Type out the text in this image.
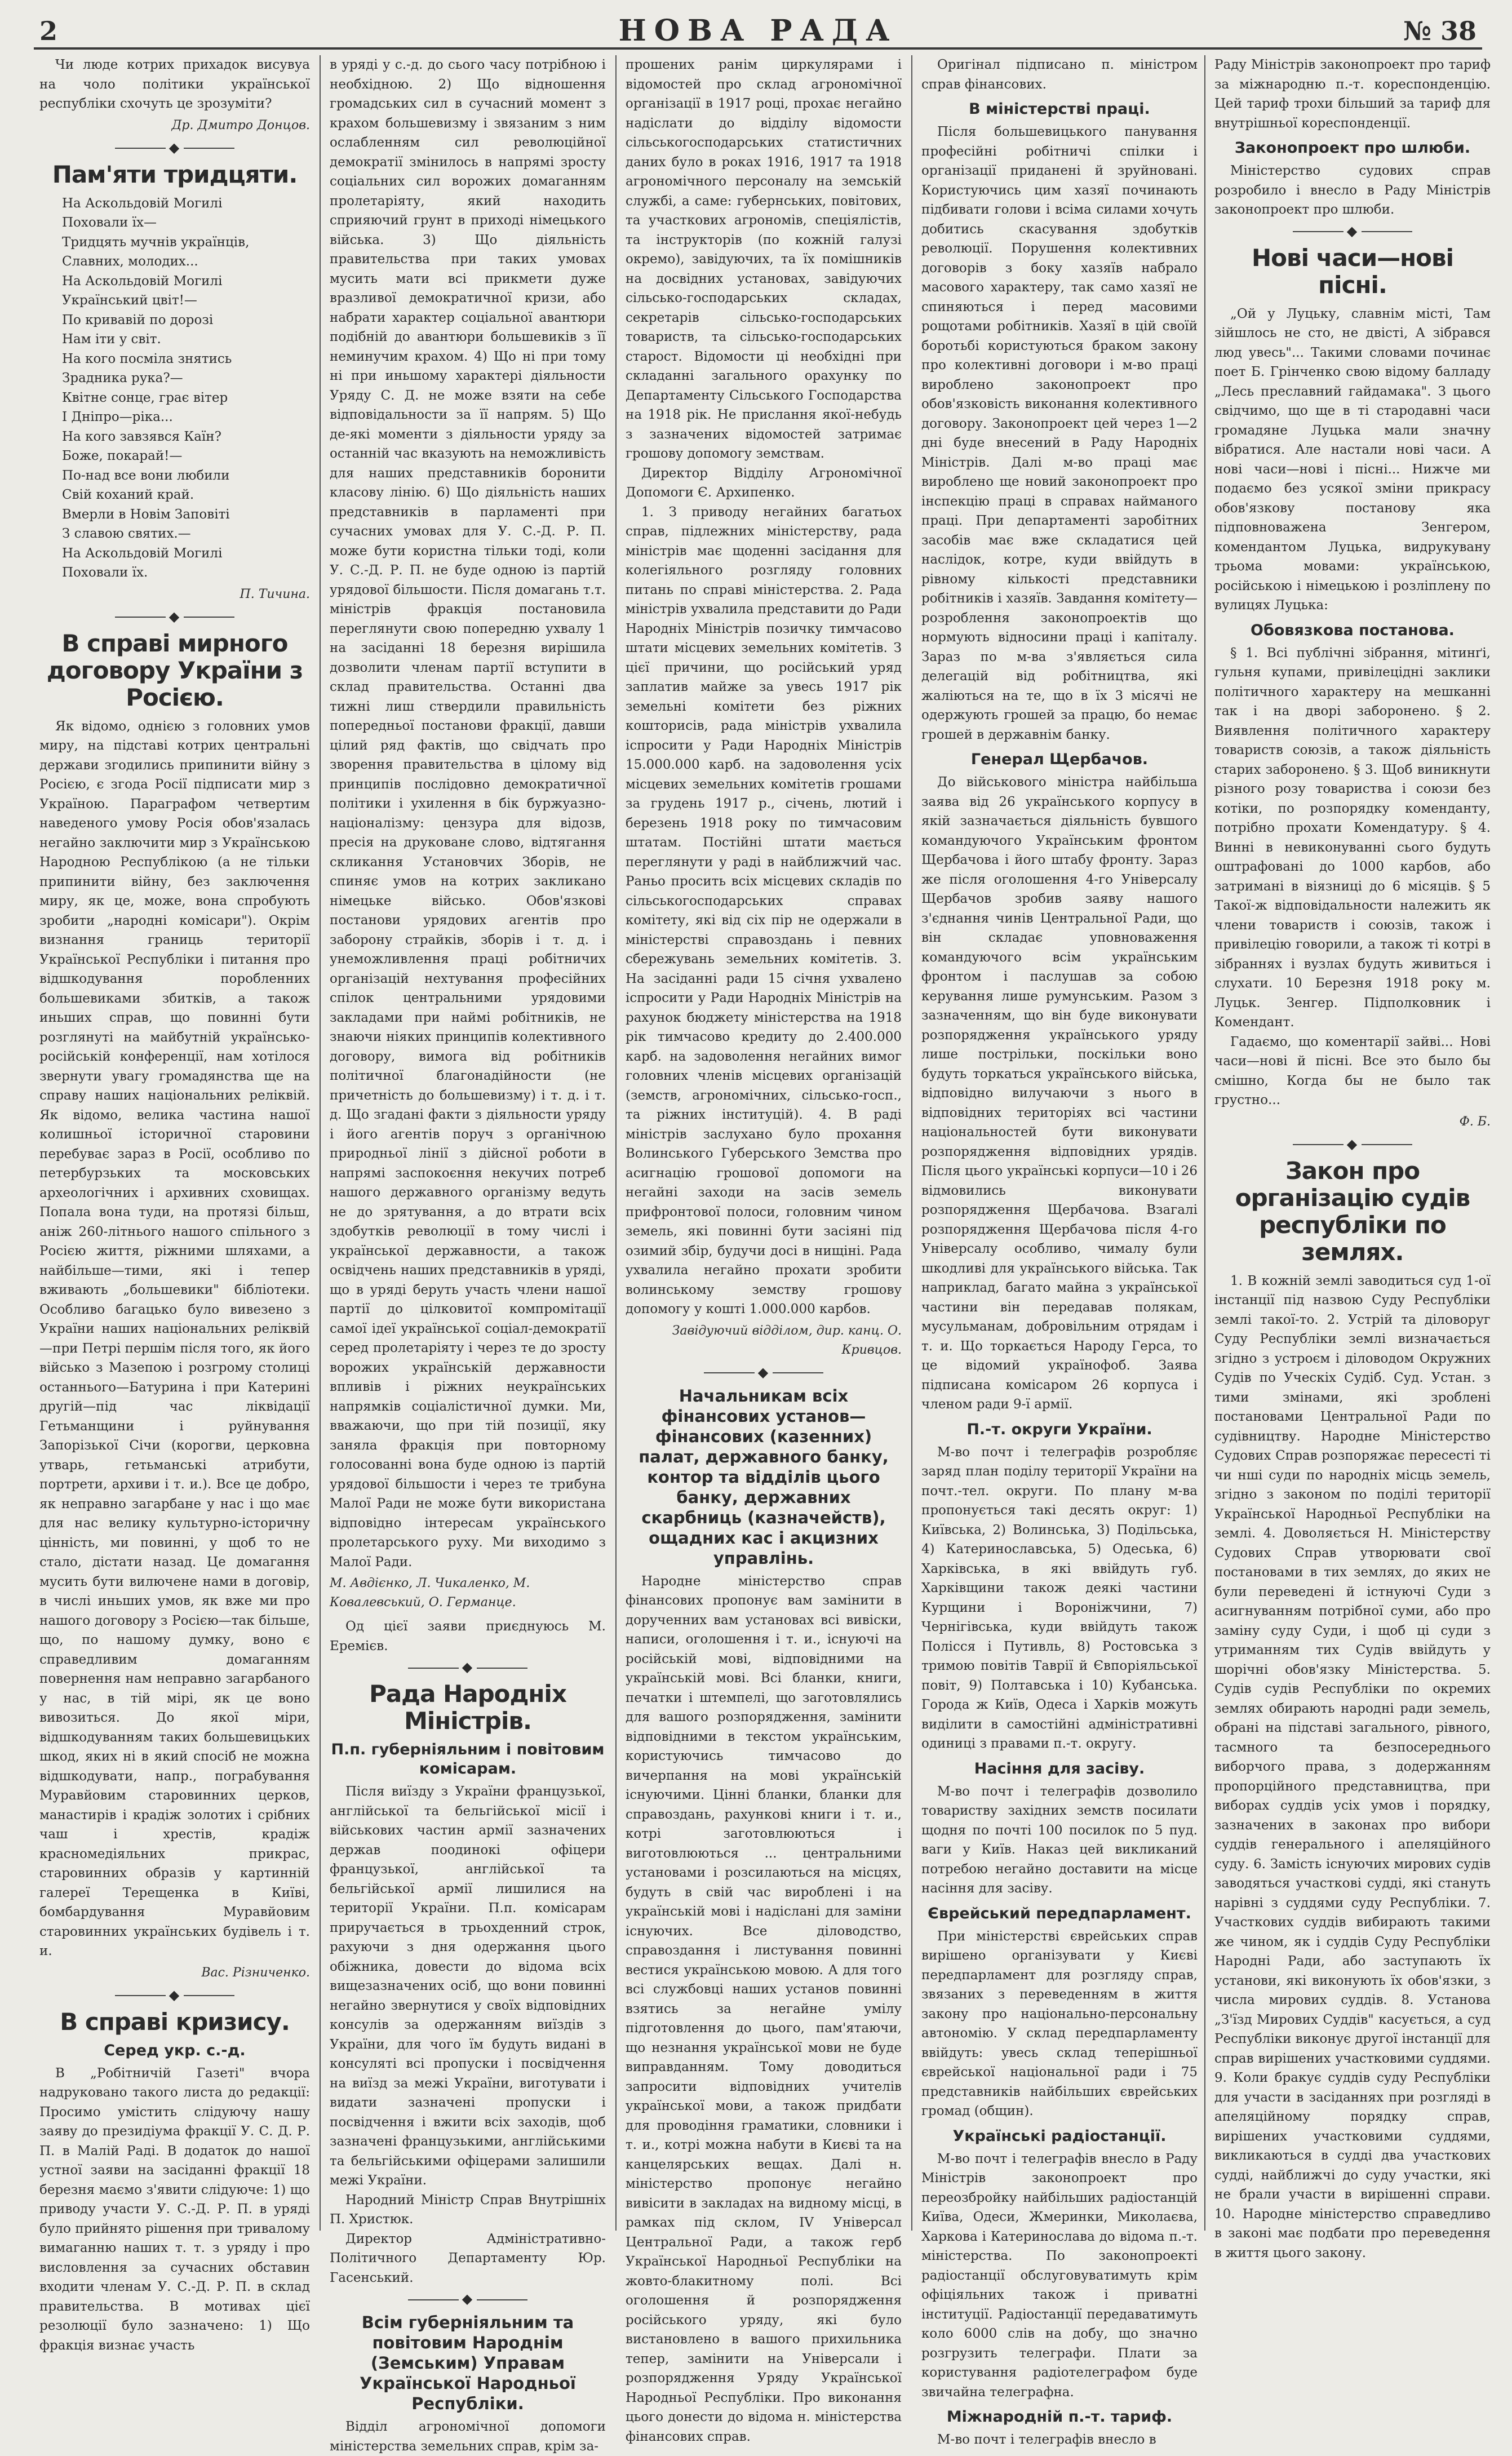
2	НОВА РАДА	№ 38

Чи люде котрих прихадок висувуа на чоло політики української республіки схочуть це зрозуміти?

Др. Дмитро Донцов.
◆
Пам'яти тридцяти.

На Аскольдовій Могилі

Поховали їх—

Тридцять мучнів українців,

Славних, молодих...

На Аскольдовій Могилі

Український цвіт!—

По кривавій по дорозі

Нам іти у світ.

На кого посміла знятись

Зрадника рука?—

Квітне сонце, грає вітер

І Дніпро—ріка...

На кого завзявся Каїн?

Боже, покарай!—

По-над все вони любили

Свій коханий край.

Вмерли в Новім Заповіті

З славою святих.—

На Аскольдовій Могилі

Поховали їх.

П. Тичина.
◆
В справі мирного договору України з Росією.

Як відомо, однією з головних умов миру, на підставі котрих центральні держави згодились припинити війну з Росією, є згода Росії підписати мир з Україною. Параграфом четвертим наведеного умову Росія обов'язалась негайно заключити мир з Українською Народною Республікою (а не тільки припинити війну, без заключення миру, як це, може, вона спробують зробити „народні комісари"). Окрім визнання границь території Української Республіки і питання про відшкодування поробленних большевиками збитків, а також иньших справ, що повинні бути розглянуті на майбутній українсько-російській конференції, нам хотілося звернути увагу громадянства ще на справу наших національних реліквій. Як відомо, велика частина нашої колишньої історичної старовини перебуває зараз в Росії, особливо по петербурзьких та московських археологічних і архивних сховищах. Попала вона туди, на протязі більш, аніж 260-літнього нашого спільного з Росією життя, ріжними шляхами, а найбільше—тими, які і тепер вживають „большевики" бібліотеки. Особливо багацько було вивезено з України наших національних реліквій—при Петрі першім після того, як його військо з Мазепою і розгрому столиці останнього—Батурина і при Катерині другій—під час ліквідації Гетьманщини і руйнування Запорізької Січи (корогви, церковна утварь, гетьманські атрибути, портрети, архиви і т. и.). Все це добро, як неправно загарбане у нас і що має для нас велику культурно-історичну цінність, ми повинні, у щоб то не стало, дістати назад. Це домагання мусить бути вилючене нами в договір, в числі иньших умов, як вже ми про нашого договору з Росією—так більше, що, по нашому думку, воно є справедливим домаганням повернення нам неправно загарбаного у нас, в тій мірі, як це воно вивозиться. До якої міри, відшкодуванням таких большевицьких шкод, яких ні в який спосіб не можна відшкодувати, напр., пограбування Муравйовим старовинних церков, манастирів і крадіж золотих і срібних чаш і хрестів, крадіж красномедіяльних прикрас, старовинних образів у картинній галереї Терещенка в Київі, бомбардування Муравйовим старовинних українських будівель і т. и.

Вас. Різниченко.
◆
В справі кризису.
Серед укр. с.-д.

В „Робітничій Газеті" вчора надруковано такого листа до редакції: Просимо умістить слідуючу нашу заяву до президіума фракції У. С. Д. Р. П. в Малій Раді. В додаток до нашої устної заяви на засіданні фракції 18 березня маємо з'явити слідуюче: 1) що приводу участи У. С.-Д. Р. П. в уряді було прийнято рішення при тривалому вимаганню наших т. т. з уряду і про висловлення за сучасних обставин входити членам У. С.-Д. Р. П. в склад правительства. В мотивах цієї резолюції було зазначено: 1) Що фракція визнає участь

в уряді у с.-д. до сього часу потрібною і необхідною. 2) Що відношення громадських сил в сучасний момент з крахом большевизму і звязаним з ним ослабленням сил революційної демократії змінилось в напрямі зросту соціальних сил ворожих домаганням пролетаріяту, який находить сприяючий грунт в приході німецького війська. 3) Що діяльність правительства при таких умовах мусить мати всі прикмети дуже вразливої демократичної кризи, або набрати характер соціальної авантюри подібній до авантюри большевиків з її неминучим крахом. 4) Що ні при тому ні при иньшому характері діяльности Уряду С. Д. не може взяти на себе відповідальности за її напрям. 5) Що де-які моменти з діяльности уряду за останній час вказують на неможливість для наших представників боронити класову лінію. 6) Що діяльність наших представників в парламенті при сучасних умовах для У. С.-Д. Р. П. може бути користна тільки тоді, коли У. С.-Д. Р. П. не буде одною із партій урядової більшости. Після домагань т.т. міністрів фракція постановила переглянути свою попередню ухвалу 1 на засіданні 18 березня вирішила дозволити членам партії вступити в склад правительства. Останні два тижні лиш ствердили правильність попередньої постанови фракції, давши цілий ряд фактів, що свідчать про зворення правительства в цілому від принципів послідовно демократичної політики і ухилення в бік буржуазно-націоналізму: цензура для відозв, пресія на друковане слово, відтягання скликання Установчих Зборів, не спиняє умов на котрих закликано німецьке військо. Обов'язкові постанови урядових агентів про заборону страйків, зборів і т. д. і унеможливлення праці робітничих організацій нехтування професійних спілок центральними урядовими закладами при наймі робітників, не знаючи ніяких принципів колективного договору, вимога від робітників політичної благонадійности (не причетність до большевизму) і т. д. і т. д. Що згадані факти з діяльности уряду і його агентів поруч з органічною природньої лінії з дійсної роботи в напрямі заспокоєння некучих потреб нашого державного організму ведуть не до зрятування, а до втрати всіх здобутків революції в тому числі і української державности, а також освідчень наших представників в уряді, що в уряді беруть участь члени нашої партії до цілковитої компромітації самої ідеї української соціал-демократії серед пролетаріяту і через те до зросту ворожих українській державности впливів і ріжних неукраїнських напрямків соціалістичної думки. Ми, вважаючи, що при тій позиції, яку заняла фракція при повторному голосованні вона буде одною із партій урядової більшости і через те трибуна Малої Ради не може бути використана відповідно інтересам українського пролетарського руху. Ми виходимо з Малої Ради.

М. Авдієнко, Л. Чикаленко, М. Ковалевський, О. Германце.

Од цієї заяви приєднуюсь М. Еремієв.

◆
Рада Народніх Міністрів.
П.п. губерніяльним і повітовим комісарам.

Після виїзду з України французької, англійської та бельгійської місії і військових частин армії зазначених держав поодинокі офіцери французької, англійської та бельгійської армії лишилися на території України. П.п. комісарам приручається в трьохденний строк, рахуючи з дня одержання цього обіжника, довести до відома всіх вищезазначених осіб, що вони повинні негайно звернутися у своїх відповідних консулів за одержанням виїздів з України, для чого їм будуть видані в консуляті всі пропуски і посвідчення на виїзд за межі України, виготувати і видати зазначені пропуски і посвідчення і вжити всіх заходів, щоб зазначені французькими, англійськими та бельгійськими офіцерами залишили межі України.

Народний Міністр Справ Внутрішніх П. Христюк.

Директор Адміністративно-Політичного Департаменту Юр. Гасенський.

◆
Всім губерніяльним та повітовим Народнім (Земським) Управам Української Народньої Республіки.

Відділ агрономічної допомоги міністерства земельних справ, крім за-

прошених ранім циркулярами і відомостей про склад агрономічної організації в 1917 році, прохає негайно надіслати до відділу відомости сільськогосподарських статистичних даних було в роках 1916, 1917 та 1918 агрономічного персоналу на земській службі, а саме: губернських, повітових, та участкових агрономів, спеціялістів, та інструкторів (по кожній галузі окремо), завідуючих, та їх помішників на досвідних установах, завідуючих сільсько-господарських складах, секретарів сільсько-господарських товариств, та сільсько-господарських старост. Відомости ці необхідні при складанні загального орахунку по Департаменту Сільського Господарства на 1918 рік. Не прислання якої-небудь з зазначених відомостей затримає грошову допомогу земствам.

Директор Відділу Агрономічної Допомоги Є. Архипенко.

1. З приводу негайних багатьох справ, підлежних міністерству, рада міністрів має щоденні засідання для колегіяльного розгляду головних питань по справі міністерства. 2. Рада міністрів ухвалила представити до Ради Народніх Міністрів позичку тимчасово штати місцевих земельних комітетів. З цієї причини, що російський уряд заплатив майже за увесь 1917 рік земельні комітети без ріжних кошторисів, рада міністрів ухвалила іспросити у Ради Народніх Міністрів 15.000.000 карб. на задоволення усіх місцевих земельних комітетів грошами за грудень 1917 р., січень, лютий і березень 1918 року по тимчасовим штатам. Постійні штати мається переглянути у раді в найближчий час. Раньо просить всіх місцевих складів по сільськогосподарських справах комітету, які від сіх пір не одержали в міністерстві справоздань і певних сбережувань земельних комітетів. 3. На засіданні ради 15 січня ухвалено іспросити у Ради Народніх Міністрів на рахунок бюджету міністерства на 1918 рік тимчасово кредиту до 2.400.000 карб. на задоволення негайних вимог головних членів місцевих організацій (земств, агрономічних, сільсько-госп., та ріжних інституцій). 4. В раді міністрів заслухано було прохання Волинського Губерського Земства про асигнацію грошової допомоги на негайні заходи на засів земель прифронтової полоси, головним чином земель, які повинні бути засіяні під озимий збір, будучи досі в нищіні. Рада ухвалила негайно прохати зробити волинському земству грошову допомогу у кошті 1.000.000 карбов.

Завідуючий відділом, дир. канц. О. Кривцов.
◆
Начальникам всіх фінансових установ—фінансових (казенних) палат, державного банку, контор та відділів цього банку, державних скарбниць (казначейств), ощадних кас і акцизних управлінь.

Народне міністерство справ фінансових пропонує вам замінити в дорученних вам установах всі вивіски, написи, оголошення і т. и., існуючі на російській мові, відповідними на українській мові. Всі бланки, книги, печатки і штемпелі, що заготовлялись для вашого розпорядження, замінити відповідними в текстом українським, користуючись тимчасово до вичерпання на мові українській існуючими. Цінні бланки, бланки для справоздань, рахункові книги і т. и., котрі заготовлюються і виготовлюються ... центральними установами і розсилаються на місцях, будуть в свій час вироблені і на українській мові і надіслані для заміни існуючих. Все діловодство, справоздання і листування повинні вестися українською мовою. А для того всі службовці наших установ повинні взятись за негайне умілу підготовлення до цього, пам'ятаючи, що незнання української мови не буде виправданням. Тому доводиться запросити відповідних учителів української мови, а також придбати для проводіння граматики, словники і т. и., котрі можна набути в Києві та на канцелярських вещах. Далі н. міністерство пропонує негайно вивісити в закладах на видному місці, в рамках під склом, IV Універсал Центральної Ради, а також герб Української Народньої Республіки на жовто-блакитному полі. Всі оголошення й розпорядження російського уряду, які було вистановлено в вашого прихильника тепер, замінити на Універсали і розпорядження Уряду Української Народньої Республіки. Про виконання цього донести до відома н. міністерства фінансових справ.

Оригінал підписано п. міністром справ фінансових.

В міністерстві праці.

Після большевицького панування професійні робітничі спілки і організації приданені й зруйновані. Користуючись цим хазяї починають підбивати голови і всіма силами хочуть добитись скасування здобутків революції. Порушення колективних договорів з боку хазяїв набрало масового характеру, так само хазяї не спиняються і перед масовими рощотами робітників. Хазяї в цій своїй боротьбі користуються браком закону про колективні договори і м-во праці вироблено законопроект про обов'язковість виконання колективного договору. Законопроект цей через 1—2 дні буде внесений в Раду Народніх Міністрів. Далі м-во праці має вироблено ще новий законопроект про інспекцію праці в справах найманого праці. При департаменті заробітних засобів має вже складатися цей наслідок, котре, куди ввійдуть в рівному кількості представники робітників і хазяїв. Завдання комітету—розроблення законопроектів що нормують відносини праці і капіталу. Зараз по м-ва з'являється сила делегацій від робітництва, які жаліються на те, що в їх 3 місячі не одержують грошей за працю, бо немає грошей в державнім банку.

Генерал Щербачов.

До військового міністра найбільша заява від 26 українського корпусу в якій зазначається діяльність бувшого командуючого Українським фронтом Щербачова і його штабу фронту. Зараз же після оголошення 4-го Універсалу Щербачов зробив заяву нашого з'єднання чинів Центральної Ради, що він складає уповноваження командуючого всім українським фронтом і паслушав за собою керування лише румунським. Разом з зазначенням, що він буде виконувати розпорядження українського уряду лише пострільки, поскільки воно будуть торкаться українського війська, відповідно вилучаючи з нього в відповідних територіях всі частини національностей бути виконувати розпорядження відповідних урядів. Після цього українські корпуси—10 і 26 відмовились виконувати розпорядження Щербачова. Взагалі розпорядження Щербачова після 4-го Універсалу особливо, чималу були шкодливі для українського війська. Так наприклад, багато майна з української частини він передавав полякам, мусульманам, добровільним отрядам і т. и. Що торкається Народу Герса, то це відомий українофоб. Заява підписана комісаром 26 корпуса і членом ради 9-ї армії.

П.-т. округи України.

М-во почт і телеграфів розробляє заряд план поділу території України на почт.-тел. округи. По плану м-ва пропонується такі десять округ: 1) Київська, 2) Волинська, 3) Подільська, 4) Катеринославська, 5) Одеська, 6) Харківська, в які ввійдуть губ. Харківщини також деякі частини Курщини і Вороніжчини, 7) Чернігівська, куди ввійдуть також Полісся і Путивль, 8) Ростовська з тримою повітів Таврії й Євпоріяльської повіт, 9) Полтавська і 10) Кубанська. Города ж Київ, Одеса і Харків можуть виділити в самостійні адміністративні одиниці з правами п.-т. округу.

Насіння для засіву.

М-во почт і телеграфів дозволило товариству західних земств посилати щодня по почті 100 посилок по 5 пуд. ваги у Київ. Наказ цей викликаний потребою негайно доставити на місце насіння для засіву.

Єврейський передпарламент.

При міністерстві єврейських справ вирішено організувати у Києві передпарламент для розгляду справ, звязаних з переведенням в життя закону про національно-персональну автономію. У склад передпарламенту ввійдуть: увесь склад теперішньої єврейської національної ради і 75 представників найбільших єврейських громад (общин).

Українські радіостанції.

М-во почт і телеграфів внесло в Раду Міністрів законопроект про переозбройку найбільших радіостанцій Київа, Одеси, Жмеринки, Миколаєва, Харкова і Катеринослава до відома п.-т. міністерства. По законопроекті радіостанції обслуговуватимуть крім офіціяльних також і приватні інституції. Радіостанції передаватимуть коло 6000 слів на добу, що значно розгрузить телеграфи. Плати за користування радіотелеграфом буде звичайна телеграфна.

Міжнародній п.-т. тариф.

М-во почт і телеграфів внесло в

Раду Міністрів законопроект про тариф за міжнародню п.-т. кореспонденцію. Цей тариф трохи більший за тариф для внутрішньої кореспонденції.

Законопроект про шлюби.

Міністерство судових справ розробило і внесло в Раду Міністрів законопроект про шлюби.

◆
Нові часи—нові пісні.

„Ой у Луцьку, славнім місті, Там зійшлось не сто, не двісті, А зібрався люд увесь"... Такими словами починає поет Б. Грінченко свою відому балладу „Лесь преславний гайдамака". З цього свідчимо, що ще в ті стародавні часи громадяне Луцька мали значну вібратися. Але настали нові часи. А нові часи—нові і пісні... Нижче ми подаємо без усякої зміни прикрасу обов'язкову постанову яка підповноважена Зенгером, комендантом Луцька, видрукувану трьома мовами: українською, російською і німецькою і розліплену по вулицях Луцька:

Обовязкова постанова.

§ 1. Всі публічні зібрання, мітинґі, гульня купами, привілецідні заклики політичного характеру на мешканні так і на дворі заборонено. § 2. Виявлення політичного характеру товариств союзів, а також діяльність старих заборонено. § 3. Щоб виникнути різного розу товариства і союзи без котіки, по розпорядку коменданту, потрібно прохати Комендатуру. § 4. Винні в невиконуванні сього будуть оштрафовані до 1000 карбов, або затримані в віязниці до 6 місяців. § 5 Такої-ж відповідальности належить як члени товариств і союзів, також і привілецію говорили, а також ті котрі в зібраннях і вузлах будуть живиться і слухати. 10 Березня 1918 року м. Луцьк. Зенгер. Підполковник і Комендант.

Гадаємо, що коментарії зайві... Нові часи—нові й пісні. Все это было бы смішно, Когда бы не было так грустно...

Ф. Б.
◆
Закон про організацію судів республіки по землях.

1. В кожній землі заводиться суд 1-ої інстанції під назвою Суду Республіки землі такої-то. 2. Устрій та діловоруг Суду Республіки землі визначається згідно з устроєм і діловодом Окружних Судів по Уческіх Судіб. Суд. Устан. з тими змінами, які зроблені постановами Центральної Ради по судівництву. Народне Міністерство Судових Справ розпоряжає пересесті ті чи нші суди по народніх місць земель, згідно з законом по поділі території Української Народньої Республіки на землі. 4. Доволяється Н. Міністерству Судових Справ утворювати свої постановами в тих землях, до яких не були переведені й істнуючі Суди з асигнуванням потрібної суми, або про заміну суду Суди, і щоб ці суди з утриманням тих Судів ввійдуть у шорічні обов'язку Міністерства. 5. Судів судів Республіки по окремих землях обирають народні ради земель, обрані на підставі загального, рівного, тасмного та безпосереднього виборчого права, з додержанням пропорційного представництва, при виборах суддів усіх умов і порядку, зазначених в законах про вибори суддів генерального і апеляційного суду. 6. Замість існуючих мирових судів заводяться участкові судді, які стануть нарівні з суддями суду Республіки. 7. Участкових суддів вибирають такими же чином, як і суддів Суду Республіки Народні Ради, або заступають їх установи, які виконують їх обов'язки, з числа мирових суддів. 8. Установа „З'їзд Мирових Суддів" касується, а суд Республіки виконує другої інстанції для справ вирішених участковими суддями. 9. Коли бракує суддів суду Республіки для участи в засіданнях при розгляді в апеляційному порядку справ, вирішених участковими суддями, викликаються в судді два участкових судді, найближчі до суду участки, які не брали участи в вирішенні справи. 10. Народне міністерство справедливо в законі має подбати про переведення в життя цього закону.
